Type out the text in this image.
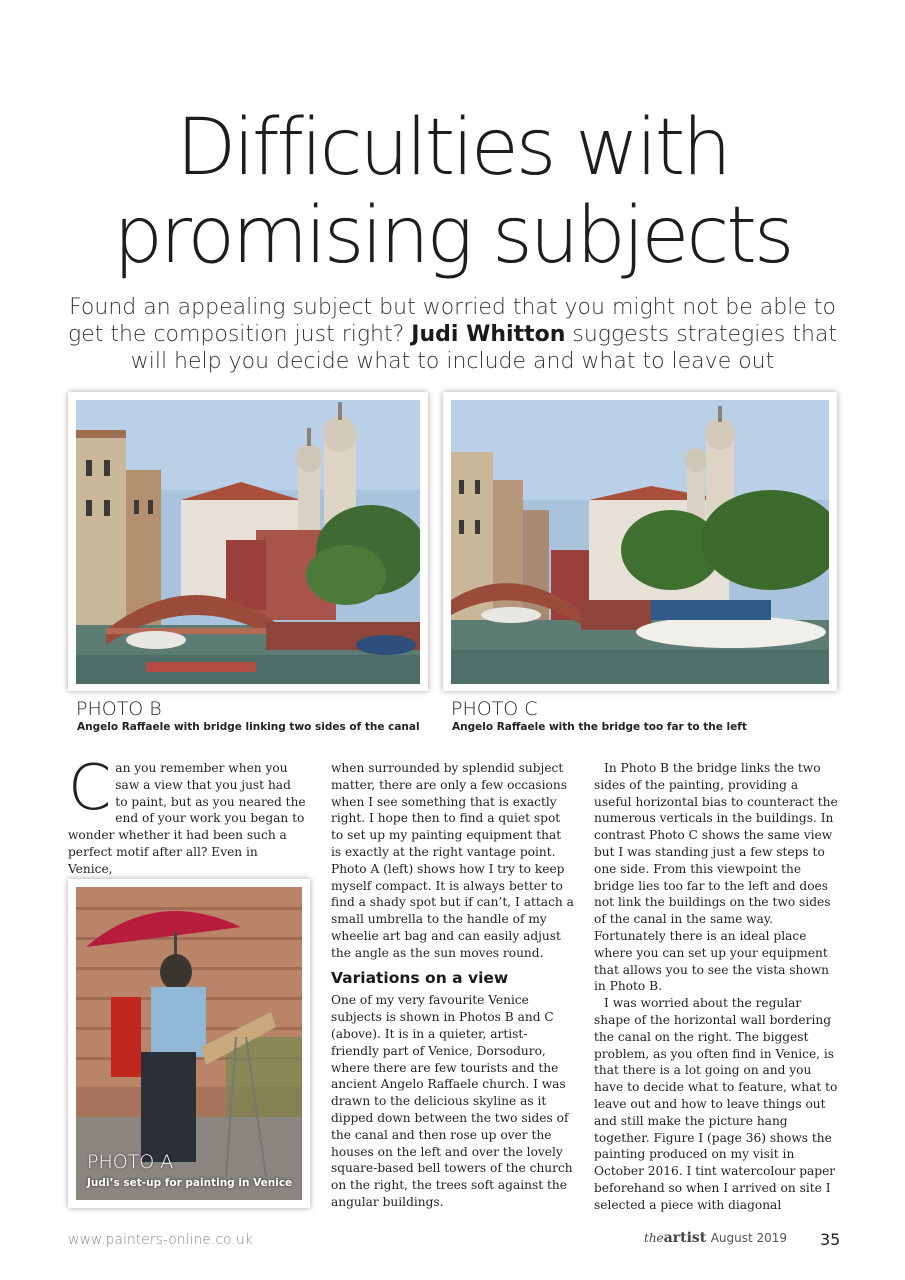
Difficulties with
promising subjects
Found an appealing subject but worried that you might not be able to get the composition just right? Judi Whitton suggests strategies that will help you decide what to include and what to leave out
PHOTO B
Angelo Raffaele with bridge linking two sides of the canal
PHOTO C
Angelo Raffaele with the bridge too far to the left

Can you remember when you saw a view that you just had to paint, but as you neared the end of your work you began to wonder whether it had been such a perfect motif after all? Even in Venice,

PHOTO A
Judi’s set-up for painting in Venice

when surrounded by splendid subject matter, there are only a few occasions when I see something that is exactly right. I hope then to find a quiet spot to set up my painting equipment that is exactly at the right vantage point. Photo A (left) shows how I try to keep myself compact. It is always better to find a shady spot but if can’t, I attach a small umbrella to the handle of my wheelie art bag and can easily adjust the angle as the sun moves round.

Variations on a view

One of my very favourite Venice subjects is shown in Photos B and C (above). It is in a quieter, artist-friendly part of Venice, Dorsoduro, where there are few tourists and the ancient Angelo Raffaele church. I was drawn to the delicious skyline as it dipped down between the two sides of the canal and then rose up over the houses on the left and over the lovely square-based bell towers of the church on the right, the trees soft against the angular buildings.

In Photo B the bridge links the two sides of the painting, providing a useful horizontal bias to counteract the numerous verticals in the buildings. In contrast Photo C shows the same view but I was standing just a few steps to one side. From this viewpoint the bridge lies too far to the left and does not link the buildings on the two sides of the canal in the same way. Fortunately there is an ideal place where you can set up your equipment that allows you to see the vista shown in Photo B.

I was worried about the regular shape of the horizontal wall bordering the canal on the right. The biggest problem, as you often find in Venice, is that there is a lot going on and you have to decide what to feature, what to leave out and how to leave things out and still make the picture hang together. Figure I (page 36) shows the painting produced on my visit in October 2016. I tint watercolour paper beforehand so when I arrived on site I selected a piece with diagonal

www.painters-online.co.uk	theartist August 2019 35
